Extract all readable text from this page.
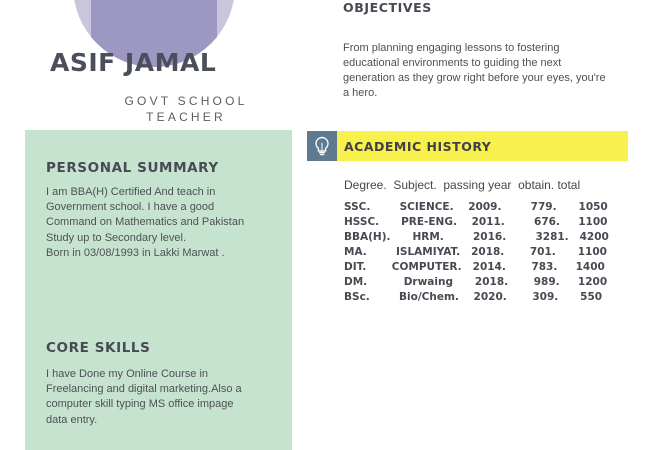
ASIF JAMAL
GOVT SCHOOL TEACHER
PERSONAL SUMMARY
I am BBA(H) Certified And teach in Government school. I have a good Command on Mathematics and Pakistan Study up to Secondary level.
Born in 03/08/1993 in Lakki Marwat .
CORE SKILLS
I have Done my Online Course in Freelancing and digital marketing.Also a computer skill typing MS office impage data entry.
OBJECTIVES
From planning engaging lessons to fostering educational environments to guiding the next generation as they grow right before your eyes, you're a hero.
ACADEMIC HISTORY
Degree.  Subject.  passing year  obtain. total
SSC.        SCIENCE.    2009.        779.      1050
HSSC.      PRE-ENG.    2011.        676.     1100
BBA(H).      HRM.        2016.        3281.   4200
MA.        ISLAMIYAT.   2018.       701.      1100
DIT.       COMPUTER.   2014.       783.     1400
DM.          Drwaing      2018.       989.     1200
BSc.        Bio/Chem.    2020.       309.      550
